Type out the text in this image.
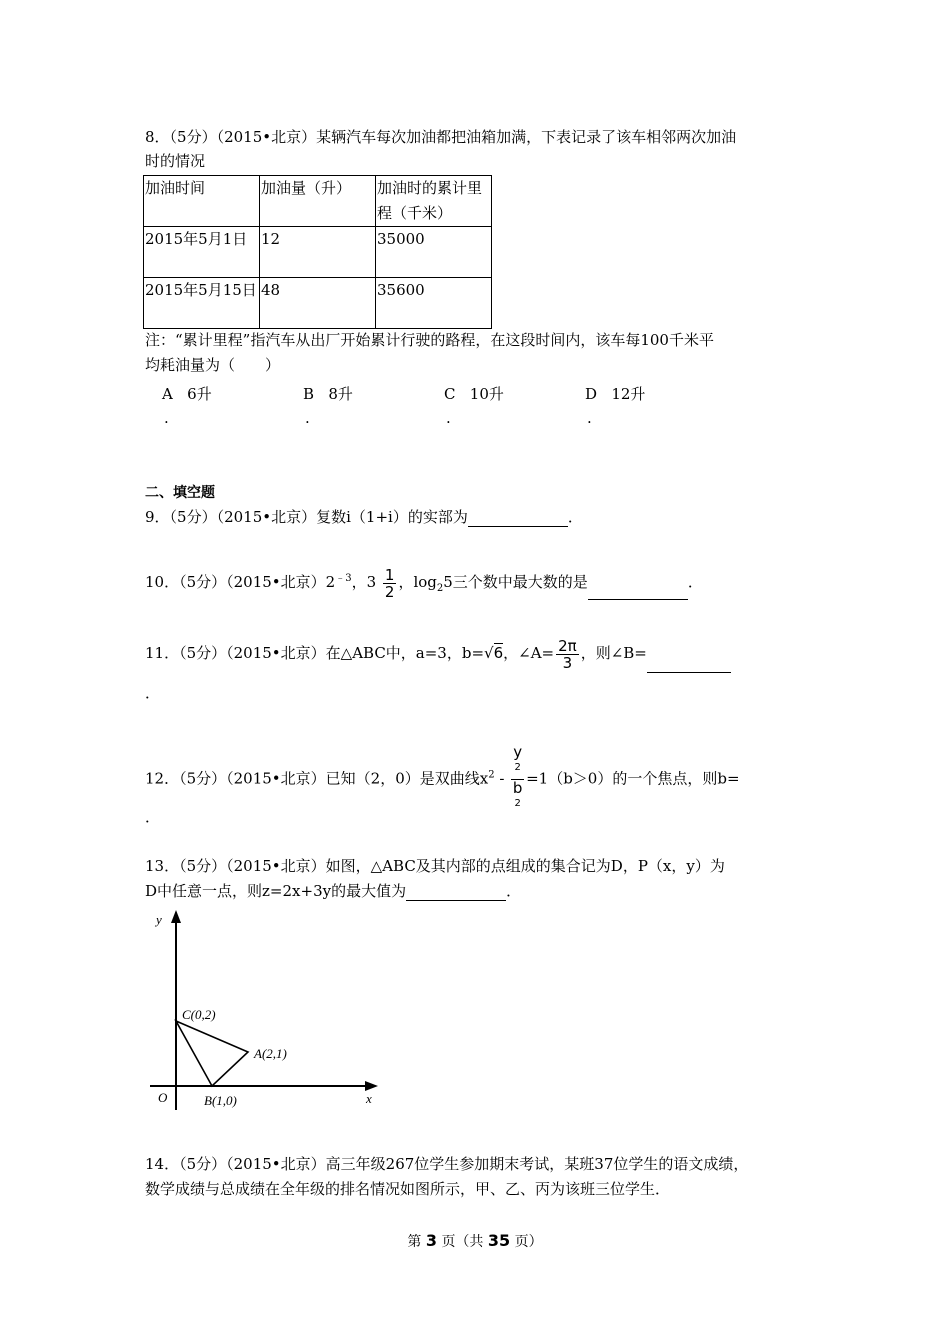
8．（5分）（2015•北京）某辆汽车每次加油都把油箱加满，下表记录了该车相邻两次加油
时的情况
加油时间	加油量（升）	加油时的累计里程（千米）
2015年5月1日	12	35000
2015年5月15日	48	35600
注：“累计里程”指汽车从出厂开始累计行驶的路程，在这段时间内，该车每100千米平
均耗油量为（　　）
A 6升
.
B 8升
.
C 10升
.
D 12升
.
二、填空题
9．（5分）（2015•北京）复数i（1+i）的实部为	．
10．（5分）（2015•北京）$2^{﹣3}$，$3 \frac{1}{2}$ ，$\log_25$三个数中最大数的是	．
11．（5分）（2015•北京）在△ABC中，a=3，b=√6，∠A= $\frac{2\pi}{3}$ ，则∠B=
．
12．（5分）（2015•北京）已知（2，0）是双曲线$x^2$ - y
$^2$
b
$^2$ =1（b＞0）的一个焦点，则b=
．
13．（5分）（2015•北京）如图，△ABC及其内部的点组成的集合记为D，P（x，y）为
D中任意一点，则z=2x+3y的最大值为	．
y
x
O
C(0,2)
A(2,1)
B(1,0)
14．（5分）（2015•北京）高三年级267位学生参加期末考试，某班37位学生的语文成绩，
数学成绩与总成绩在全年级的排名情况如图所示，甲、乙、丙为该班三位学生．
第 3 页（共 35 页）
